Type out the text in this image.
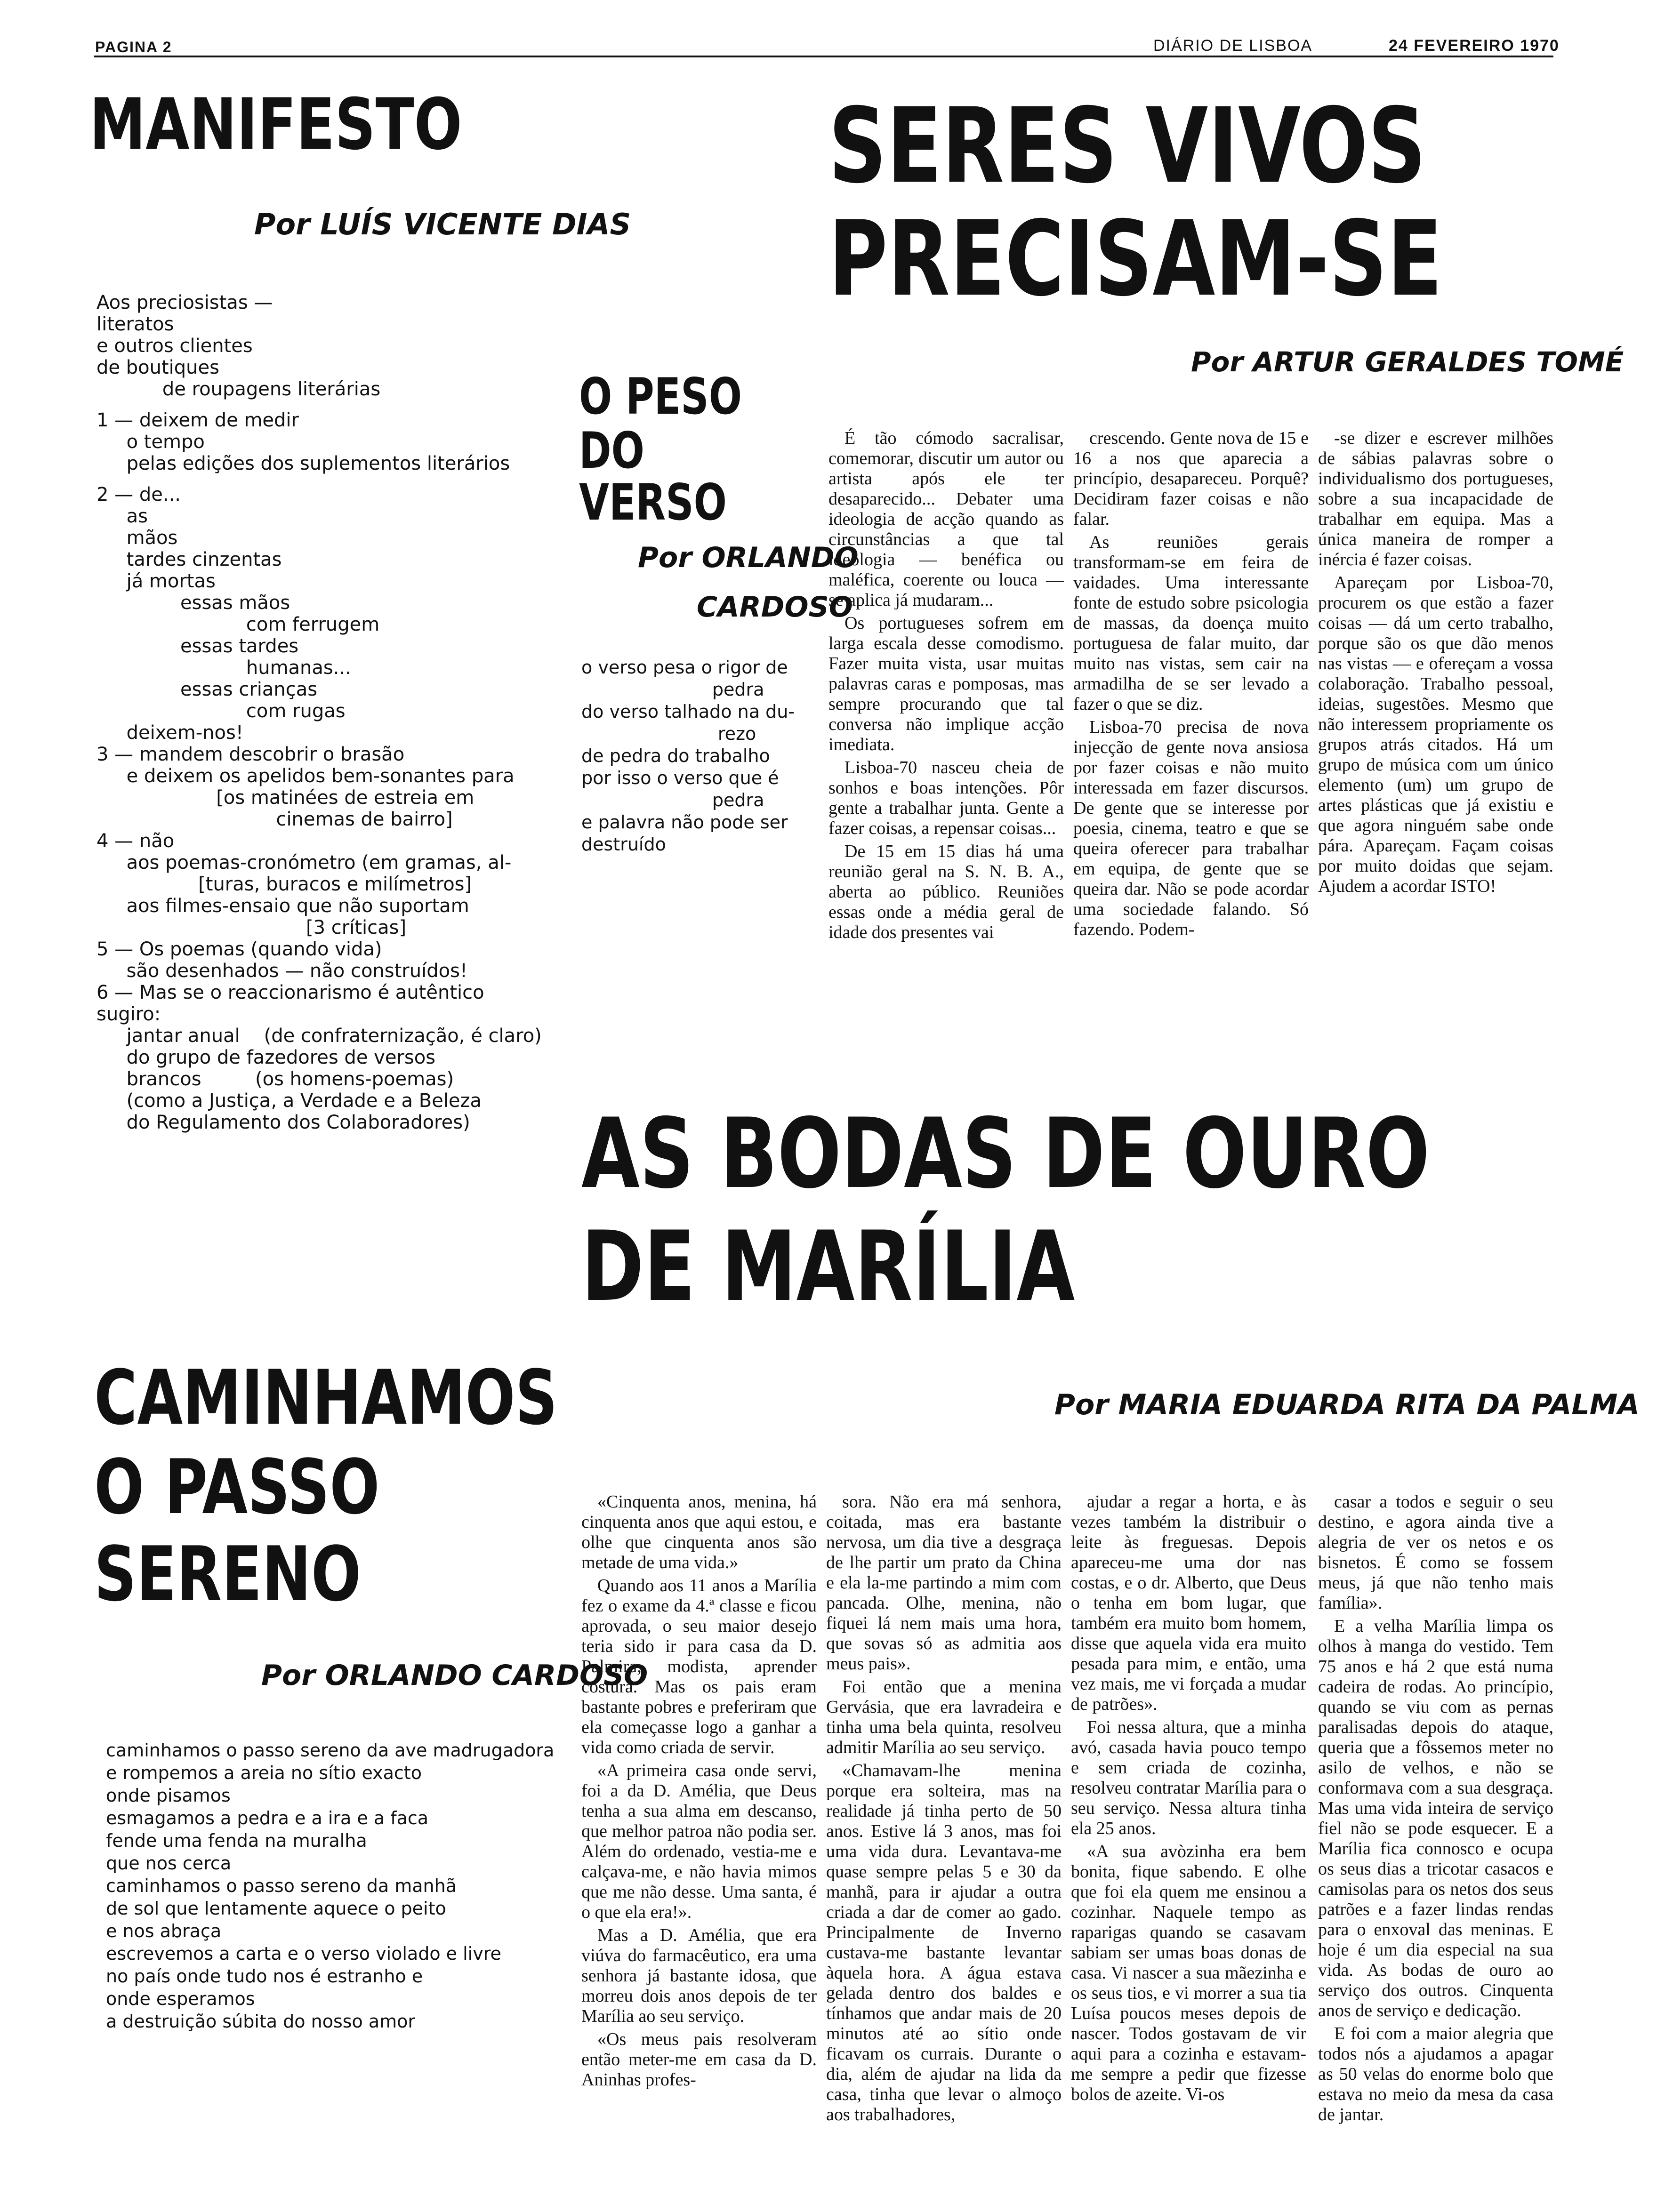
PAGINA 2	DIÁRIO DE LISBOA	24 FEVEREIRO 1970
MANIFESTO
Por LUÍS VICENTE DIAS
Aos preciosistas —
literatos
e outros clientes
de boutiques
de roupagens literárias
1 — deixem de medir
o tempo
pelas edições dos suplementos literários
2 — de...
as
mãos
tardes cinzentas
já mortas
essas mãos
com ferrugem
essas tardes
humanas...
essas crianças
com rugas
deixem-nos!
3 — mandem descobrir o brasão
e deixem os apelidos bem-sonantes para
[os matinées de estreia em
cinemas de bairro]
4 — não
aos poemas-cronómetro (em gramas, al-
[turas, buracos e milímetros]
aos filmes-ensaio que não suportam
[3 críticas]
5 — Os poemas (quando vida)
são desenhados — não construídos!
6 — Mas se o reaccionarismo é autêntico
sugiro:
jantar anual    (de confraternização, é claro)
do grupo de fazedores de versos
brancos         (os homens-poemas)
(como a Justiça, a Verdade e a Beleza
do Regulamento dos Colaboradores)
O PESO
DO
VERSO
Por ORLANDO
CARDOSO
o verso pesa o rigor de
pedra
do verso talhado na du-
rezo
de pedra do trabalho
por isso o verso que é
pedra
e palavra não pode ser
destruído
SERES VIVOS
PRECISAM-SE
Por ARTUR GERALDES TOMÉ

É tão cómodo sacralisar, comemorar, discutir um autor ou artista após ele ter desaparecido... Debater uma ideologia de acção quando as circunstâncias a que tal ideologia — benéfica ou maléfica, coerente ou louca — se aplica já mudaram...

Os portugueses sofrem em larga escala desse comodismo. Fazer muita vista, usar muitas palavras caras e pomposas, mas sempre procurando que tal conversa não implique acção imediata.

Lisboa-70 nasceu cheia de sonhos e boas intenções. Pôr gente a trabalhar junta. Gente a fazer coisas, a repensar coisas...

De 15 em 15 dias há uma reunião geral na S. N. B. A., aberta ao público. Reuniões essas onde a média geral de idade dos presentes vai

crescendo. Gente nova de 15 e 16 a nos que aparecia a princípio, desapareceu. Porquê? Decidiram fazer coisas e não falar.

As reuniões gerais transformam-se em feira de vaidades. Uma interessante fonte de estudo sobre psicologia de massas, da doença muito portuguesa de falar muito, dar muito nas vistas, sem cair na armadilha de se ser levado a fazer o que se diz.

Lisboa-70 precisa de nova injecção de gente nova ansiosa por fazer coisas e não muito interessada em fazer discursos. De gente que se interesse por poesia, cinema, teatro e que se queira oferecer para trabalhar em equipa, de gente que se queira dar. Não se pode acordar uma sociedade falando. Só fazendo. Podem-

-se dizer e escrever milhões de sábias palavras sobre o individualismo dos portugueses, sobre a sua incapacidade de trabalhar em equipa. Mas a única maneira de romper a inércia é fazer coisas.

Apareçam por Lisboa-70, procurem os que estão a fazer coisas — dá um certo trabalho, porque são os que dão menos nas vistas — e ofereçam a vossa colaboração. Trabalho pessoal, ideias, sugestões. Mesmo que não interessem propriamente os grupos atrás citados. Há um grupo de música com um único elemento (um) um grupo de artes plásticas que já existiu e que agora ninguém sabe onde pára. Apareçam. Façam coisas por muito doidas que sejam. Ajudem a acordar ISTO!

AS BODAS DE OURO
DE MARÍLIA
Por MARIA EDUARDA RITA DA PALMA

«Cinquenta anos, menina, há cinquenta anos que aqui estou, e olhe que cinquenta anos são metade de uma vida.»

Quando aos 11 anos a Marília fez o exame da 4.ª classe e ficou aprovada, o seu maior desejo teria sido ir para casa da D. Palmira, modista, aprender costura. Mas os pais eram bastante pobres e preferiram que ela começasse logo a ganhar a vida como criada de servir.

«A primeira casa onde servi, foi a da D. Amélia, que Deus tenha a sua alma em descanso, que melhor patroa não podia ser. Além do ordenado, vestia-me e calçava-me, e não havia mimos que me não desse. Uma santa, é o que ela era!».

Mas a D. Amélia, que era viúva do farmacêutico, era uma senhora já bastante idosa, que morreu dois anos depois de ter Marília ao seu serviço.

«Os meus pais resolveram então meter-me em casa da D. Aninhas profes-

sora. Não era má senhora, coitada, mas era bastante nervosa, um dia tive a desgraça de lhe partir um prato da China e ela la-me partindo a mim com pancada. Olhe, menina, não fiquei lá nem mais uma hora, que sovas só as admitia aos meus pais».

Foi então que a menina Gervásia, que era lavradeira e tinha uma bela quinta, resolveu admitir Marília ao seu serviço.

«Chamavam-lhe menina porque era solteira, mas na realidade já tinha perto de 50 anos. Estive lá 3 anos, mas foi uma vida dura. Levantava-me quase sempre pelas 5 e 30 da manhã, para ir ajudar a outra criada a dar de comer ao gado. Principalmente de Inverno custava-me bastante levantar àquela hora. A água estava gelada dentro dos baldes e tínhamos que andar mais de 20 minutos até ao sítio onde ficavam os currais. Durante o dia, além de ajudar na lida da casa, tinha que levar o almoço aos trabalhadores,

ajudar a regar a horta, e às vezes também la distribuir o leite às freguesas. Depois apareceu-me uma dor nas costas, e o dr. Alberto, que Deus o tenha em bom lugar, que também era muito bom homem, disse que aquela vida era muito pesada para mim, e então, uma vez mais, me vi forçada a mudar de patrões».

Foi nessa altura, que a minha avó, casada havia pouco tempo e sem criada de cozinha, resolveu contratar Marília para o seu serviço. Nessa altura tinha ela 25 anos.

«A sua avòzinha era bem bonita, fique sabendo. E olhe que foi ela quem me ensinou a cozinhar. Naquele tempo as raparigas quando se casavam sabiam ser umas boas donas de casa. Vi nascer a sua mãezinha e os seus tios, e vi morrer a sua tia Luísa poucos meses depois de nascer. Todos gostavam de vir aqui para a cozinha e estavam-me sempre a pedir que fizesse bolos de azeite. Vi-os

casar a todos e seguir o seu destino, e agora ainda tive a alegria de ver os netos e os bisnetos. É como se fossem meus, já que não tenho mais família».

E a velha Marília limpa os olhos à manga do vestido. Tem 75 anos e há 2 que está numa cadeira de rodas. Ao princípio, quando se viu com as pernas paralisadas depois do ataque, queria que a fôssemos meter no asilo de velhos, e não se conformava com a sua desgraça. Mas uma vida inteira de serviço fiel não se pode esquecer. E a Marília fica connosco e ocupa os seus dias a tricotar casacos e camisolas para os netos dos seus patrões e a fazer lindas rendas para o enxoval das meninas. E hoje é um dia especial na sua vida. As bodas de ouro ao serviço dos outros. Cinquenta anos de serviço e dedicação.

E foi com a maior alegria que todos nós a ajudamos a apagar as 50 velas do enorme bolo que estava no meio da mesa da casa de jantar.

CAMINHAMOS
O PASSO
SERENO
Por ORLANDO CARDOSO
caminhamos o passo sereno da ave madrugadora
e rompemos a areia no sítio exacto
onde pisamos
esmagamos a pedra e a ira e a faca
fende uma fenda na muralha
que nos cerca
caminhamos o passo sereno da manhã
de sol que lentamente aquece o peito
e nos abraça
escrevemos a carta e o verso violado e livre
no país onde tudo nos é estranho e
onde esperamos
a destruição súbita do nosso amor
